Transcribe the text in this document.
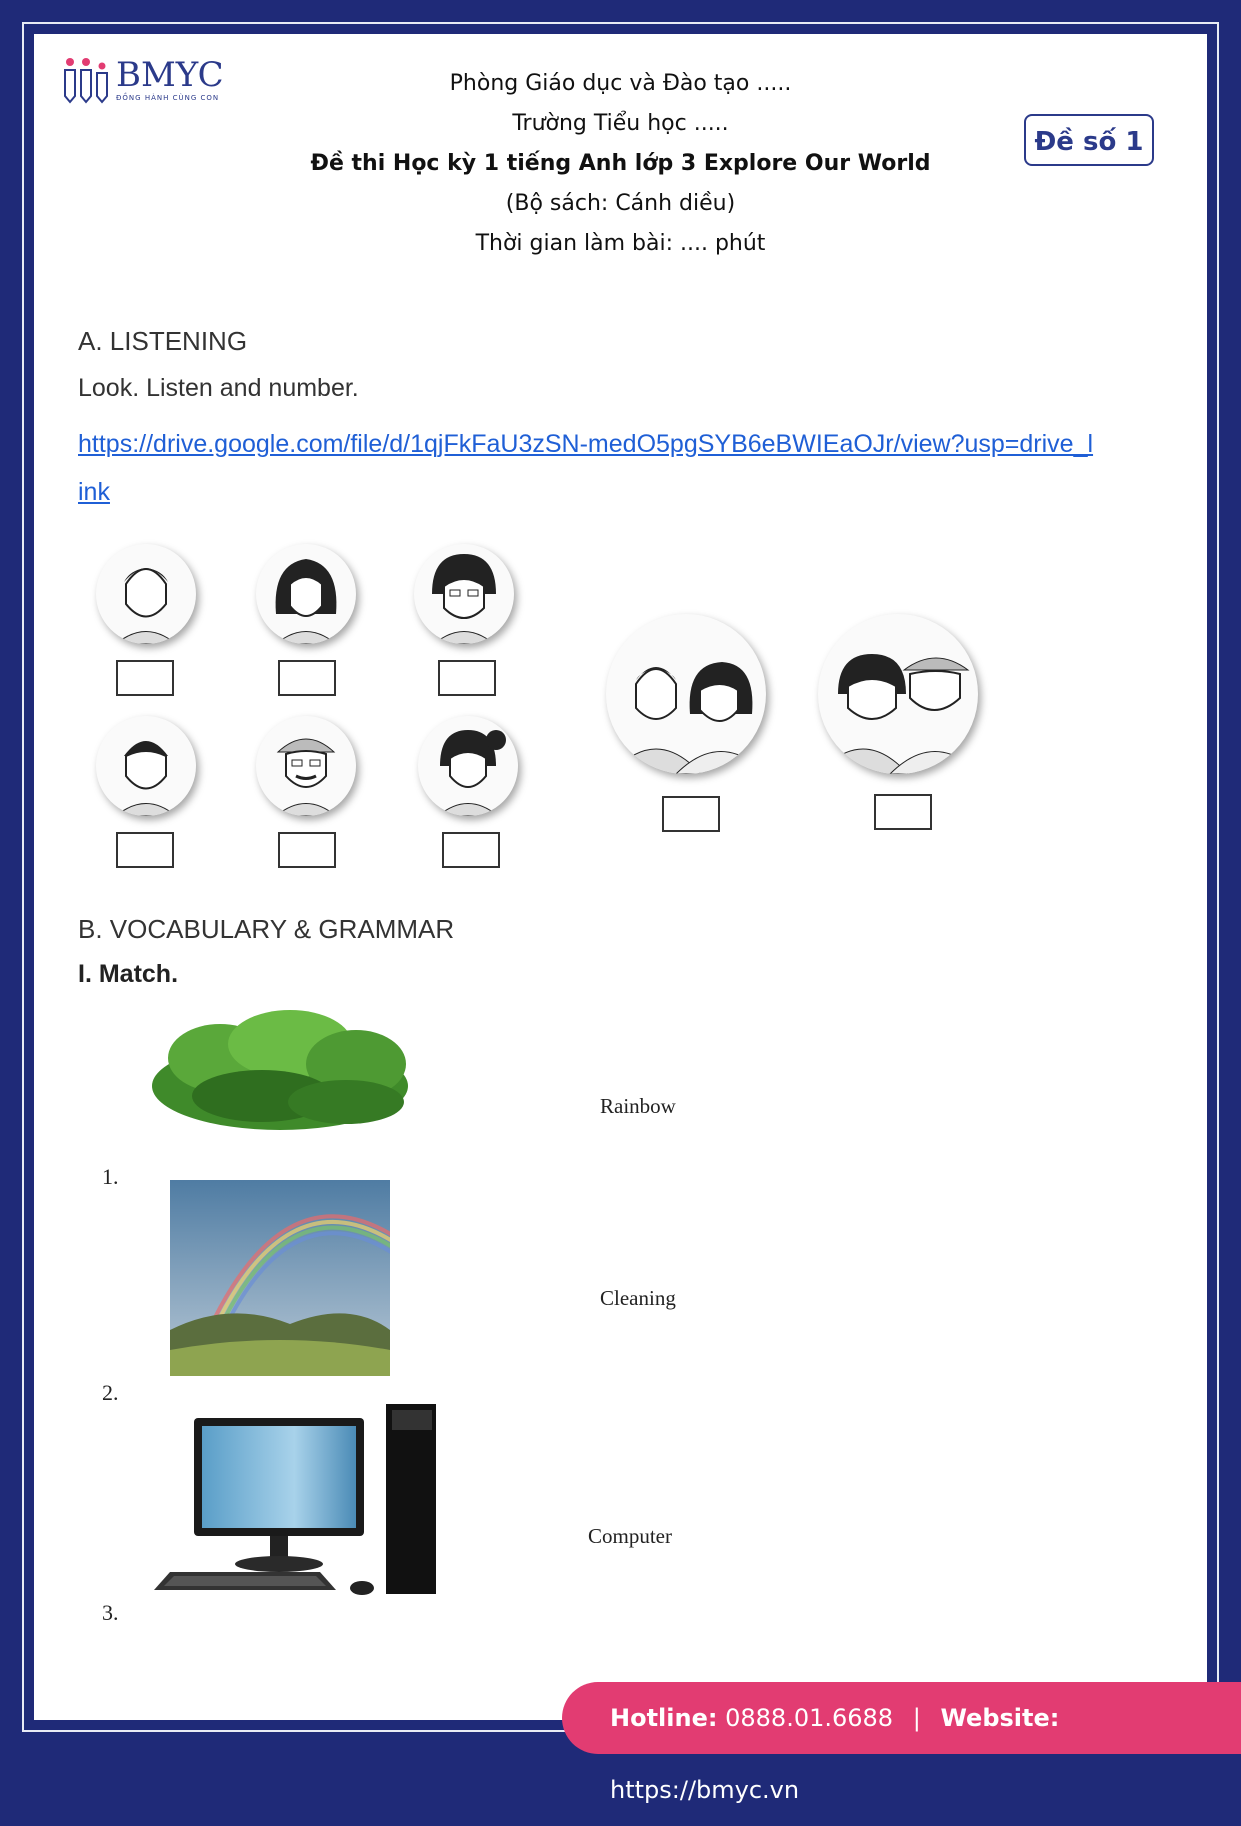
BMYC
ĐỒNG HÀNH CÙNG CON
Phòng Giáo dục và Đào tạo .....
Trường Tiểu học .....
Đề thi Học kỳ 1 tiếng Anh lớp 3 Explore Our World
(Bộ sách: Cánh diều)
Thời gian làm bài: .... phút
Đề số 1
A. LISTENING
Look. Listen and number.
https://drive.google.com/file/d/1qjFkFaU3zSN-medO5pgSYB6eBWIEaOJr/view?usp=drive_link
B. VOCABULARY & GRAMMAR
I. Match.
1.
Rainbow
2.
Cleaning
3.
Computer
Hotline: 0888.01.6688 | Website: https://bmyc.vn
